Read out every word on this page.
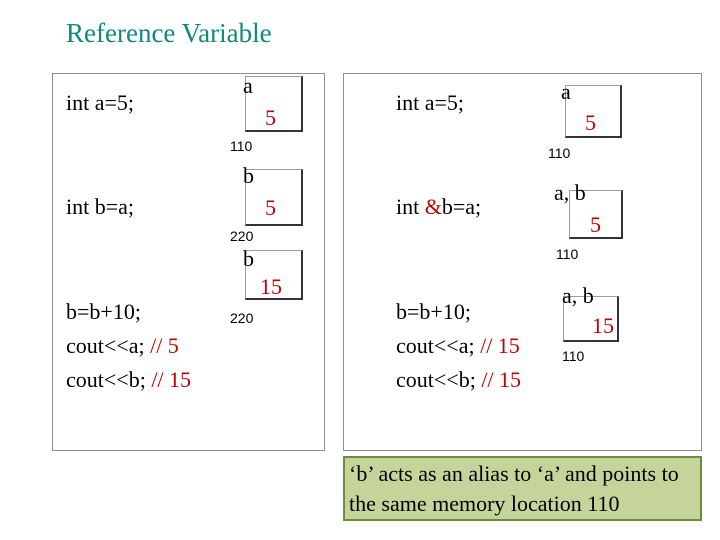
Reference Variable
int a=5;
int b=a;
b=b+10;
cout<<a; // 5
cout<<b; // 15
a
5
110
b
5
220
b
15
220
int a=5;
int &b=a;
b=b+10;
cout<<a; // 15
cout<<b; // 15
a
5
110
a, b
5
110
a, b
15
110
‘b’ acts as an alias to ‘a’ and points to the same memory location 110
